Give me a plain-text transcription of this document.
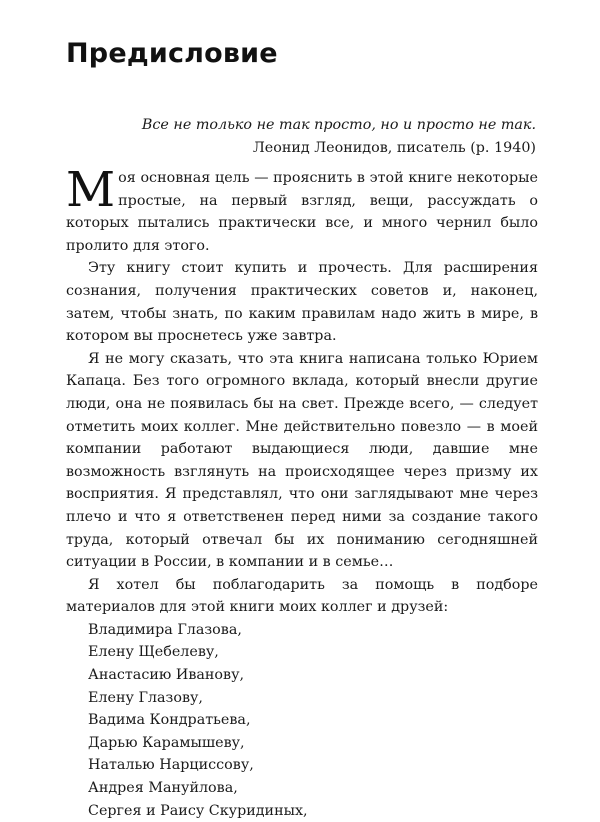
Предисловие
Все не только не так просто, но и просто не так.
Леонид Леонидов, писатель (р. 1940)

Моя основная цель — прояснить в этой книге некоторые простые, на первый взгляд, вещи, рассуждать о которых пытались практически все, и много чернил было пролито для этого.

Эту книгу стоит купить и прочесть. Для расширения сознания, получения практических советов и, наконец, затем, чтобы знать, по каким правилам надо жить в мире, в котором вы проснетесь уже завтра.

Я не могу сказать, что эта книга написана только Юрием Капаца. Без того огромного вклада, который внесли другие люди, она не появилась бы на свет. Прежде всего, — следует отметить моих коллег. Мне действительно повезло — в моей компании работают выдающиеся люди, давшие мне возможность взглянуть на происходящее через призму их восприятия. Я представлял, что они заглядывают мне через плечо и что я ответственен перед ними за создание такого труда, который отвечал бы их пониманию сегодняшней ситуации в России, в компании и в семье…

Я хотел бы поблагодарить за помощь в подборе материалов для этой книги моих коллег и друзей:

Владимира Глазова,
Елену Щебелеву,
Анастасию Иванову,
Елену Глазову,
Вадима Кондратьева,
Дарью Карамышеву,
Наталью Нарциссову,
Андрея Мануйлова,
Сергея и Раису Скуридиных,
